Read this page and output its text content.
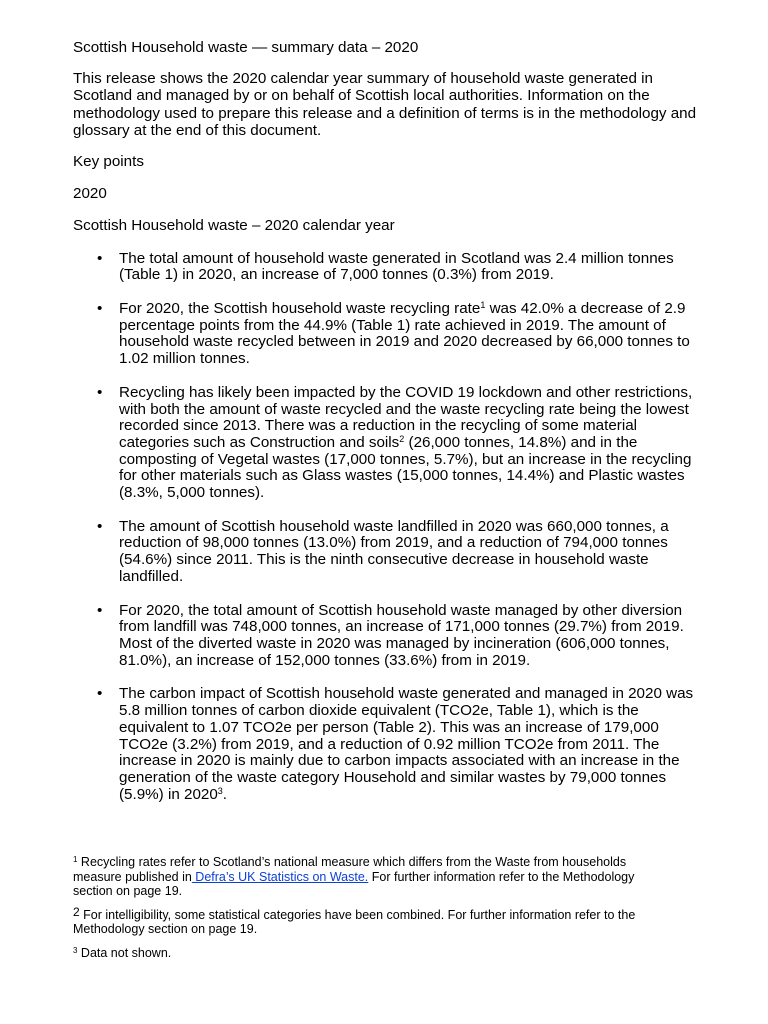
Scottish Household waste — summary data – 2020

This release shows the 2020 calendar year summary of household waste generated in Scotland and managed by or on behalf of Scottish local authorities. Information on the methodology used to prepare this release and a definition of terms is in the methodology and glossary at the end of this document.

Key points

2020

Scottish Household waste – 2020 calendar year

• The total amount of household waste generated in Scotland was 2.4 million tonnes (Table 1) in 2020, an increase of 7,000 tonnes (0.3%) from 2019.
• For 2020, the Scottish household waste recycling rate$^1$ was 42.0% a decrease of 2.9 percentage points from the 44.9% (Table 1) rate achieved in 2019. The amount of household waste recycled between in 2019 and 2020 decreased by 66,000 tonnes to 1.02 million tonnes.
• Recycling has likely been impacted by the COVID 19 lockdown and other restrictions, with both the amount of waste recycled and the waste recycling rate being the lowest recorded since 2013. There was a reduction in the recycling of some material categories such as Construction and soils$^2$ (26,000 tonnes, 14.8%) and in the composting of Vegetal wastes (17,000 tonnes, 5.7%), but an increase in the recycling for other materials such as Glass wastes (15,000 tonnes, 14.4%) and Plastic wastes (8.3%, 5,000 tonnes).
• The amount of Scottish household waste landfilled in 2020 was 660,000 tonnes, a reduction of 98,000 tonnes (13.0%) from 2019, and a reduction of 794,000 tonnes (54.6%) since 2011. This is the ninth consecutive decrease in household waste landfilled.
• For 2020, the total amount of Scottish household waste managed by other diversion from landfill was 748,000 tonnes, an increase of 171,000 tonnes (29.7%) from 2019. Most of the diverted waste in 2020 was managed by incineration (606,000 tonnes, 81.0%), an increase of 152,000 tonnes (33.6%) from in 2019.
• The carbon impact of Scottish household waste generated and managed in 2020 was 5.8 million tonnes of carbon dioxide equivalent (TCO2e, Table 1), which is the equivalent to 1.07 TCO2e per person (Table 2). This was an increase of 179,000 TCO2e (3.2%) from 2019, and a reduction of 0.92 million TCO2e from 2011. The increase in 2020 is mainly due to carbon impacts associated with an increase in the generation of the waste category Household and similar wastes by 79,000 tonnes (5.9%) in 2020$^3$.

$^1$ Recycling rates refer to Scotland’s national measure which differs from the Waste from households measure published in Defra’s UK Statistics on Waste. For further information refer to the Methodology section on page 19.

$^2$ For intelligibility, some statistical categories have been combined. For further information refer to the Methodology section on page 19.

$^3$ Data not shown.
